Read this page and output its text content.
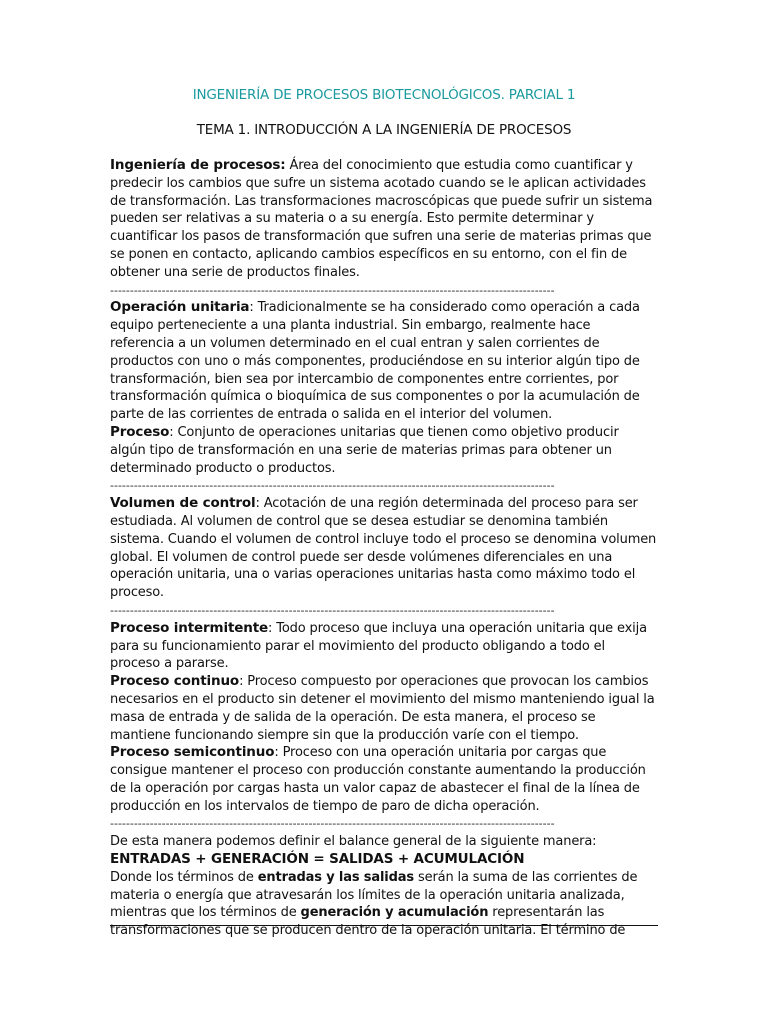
INGENIERÍA DE PROCESOS BIOTECNOLÓGICOS. PARCIAL 1
TEMA 1. INTRODUCCIÓN A LA INGENIERÍA DE PROCESOS

Ingeniería de procesos: Área del conocimiento que estudia como cuantificar y predecir los cambios que sufre un sistema acotado cuando se le aplican actividades de transformación. Las transformaciones macroscópicas que puede sufrir un sistema pueden ser relativas a su materia o a su energía. Esto permite determinar y cuantificar los pasos de transformación que sufren una serie de materias primas que se ponen en contacto, aplicando cambios específicos en su entorno, con el fin de obtener una serie de productos finales.

----------------------------------------------------------------------------------------------------------------

Operación unitaria: Tradicionalmente se ha considerado como operación a cada equipo perteneciente a una planta industrial. Sin embargo, realmente hace referencia a un volumen determinado en el cual entran y salen corrientes de productos con uno o más componentes, produciéndose en su interior algún tipo de transformación, bien sea por intercambio de componentes entre corrientes, por transformación química o bioquímica de sus componentes o por la acumulación de parte de las corrientes de entrada o salida en el interior del volumen.

Proceso: Conjunto de operaciones unitarias que tienen como objetivo producir algún tipo de transformación en una serie de materias primas para obtener un determinado producto o productos.

----------------------------------------------------------------------------------------------------------------

Volumen de control: Acotación de una región determinada del proceso para ser estudiada. Al volumen de control que se desea estudiar se denomina también sistema. Cuando el volumen de control incluye todo el proceso se denomina volumen global. El volumen de control puede ser desde volúmenes diferenciales en una operación unitaria, una o varias operaciones unitarias hasta como máximo todo el proceso.

----------------------------------------------------------------------------------------------------------------

Proceso intermitente: Todo proceso que incluya una operación unitaria que exija para su funcionamiento parar el movimiento del producto obligando a todo el proceso a pararse.

Proceso continuo: Proceso compuesto por operaciones que provocan los cambios necesarios en el producto sin detener el movimiento del mismo manteniendo igual la masa de entrada y de salida de la operación. De esta manera, el proceso se mantiene funcionando siempre sin que la producción varíe con el tiempo.

Proceso semicontinuo: Proceso con una operación unitaria por cargas que consigue mantener el proceso con producción constante aumentando la producción de la operación por cargas hasta un valor capaz de abastecer el final de la línea de producción en los intervalos de tiempo de paro de dicha operación.

----------------------------------------------------------------------------------------------------------------

De esta manera podemos definir el balance general de la siguiente manera:

ENTRADAS + GENERACIÓN = SALIDAS + ACUMULACIÓN

Donde los términos de entradas y las salidas serán la suma de las corrientes de materia o energía que atravesarán los límites de la operación unitaria analizada, mientras que los términos de generación y acumulación representarán las transformaciones que se producen dentro de la operación unitaria. El término de
